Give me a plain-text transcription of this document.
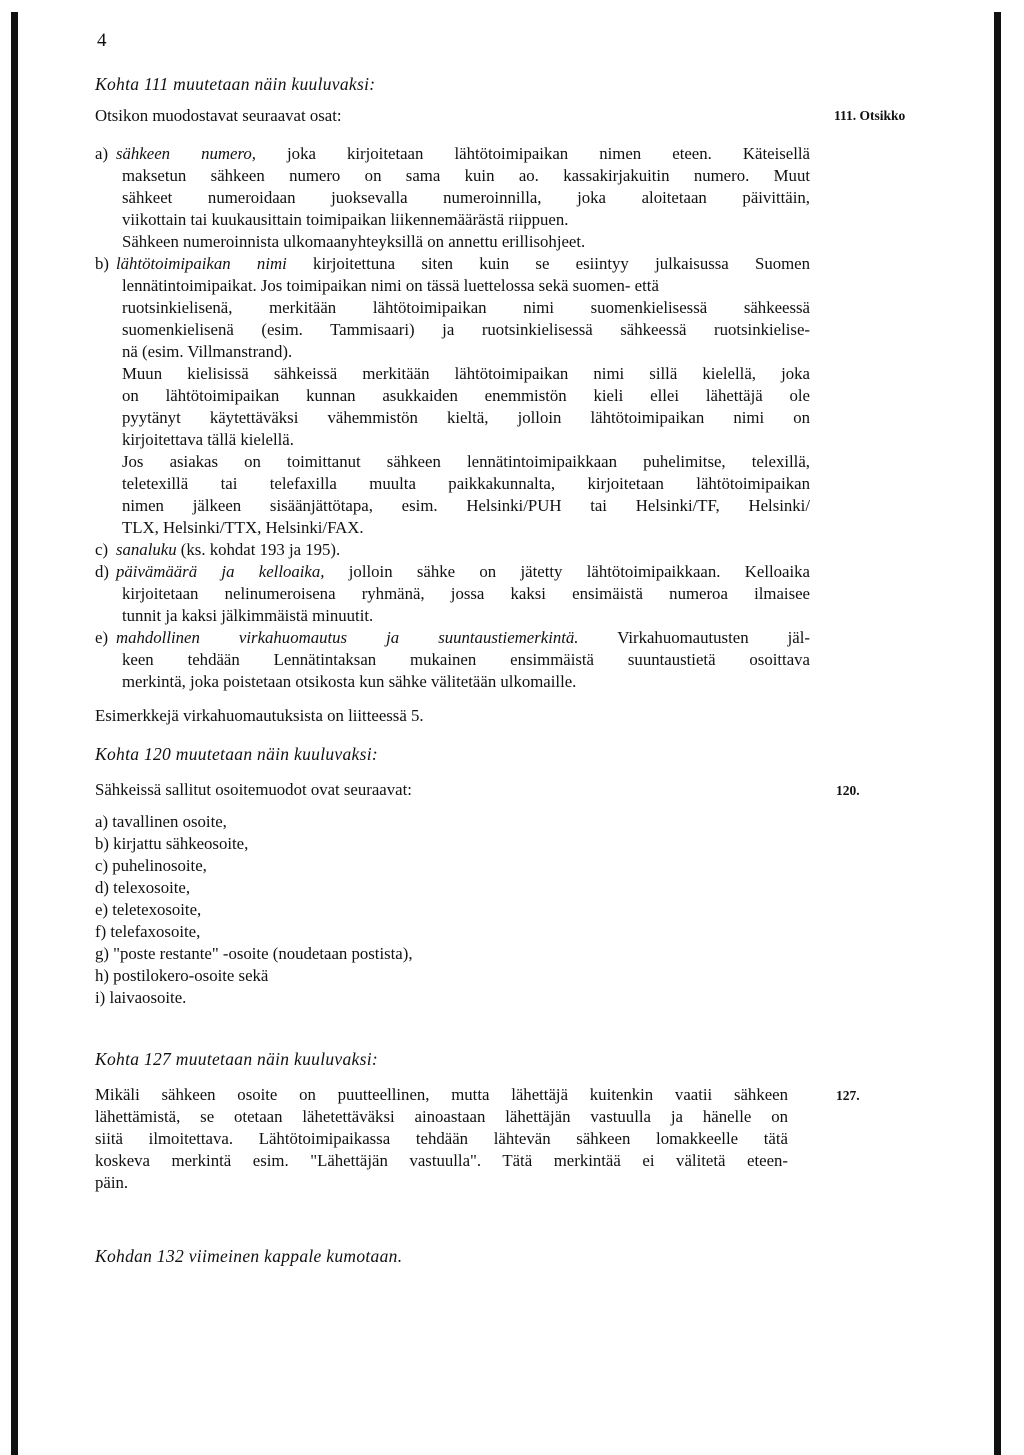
4
Kohta 111 muutetaan näin kuuluvaksi:
111. Otsikko
Otsikon muodostavat seuraavat osat:
a) sähkeen numero, joka kirjoitetaan lähtötoimipaikan nimen eteen. Käteisellä
maksetun sähkeen numero on sama kuin ao. kassakirjakuitin numero. Muut
sähkeet numeroidaan juoksevalla numeroinnilla, joka aloitetaan päivittäin,
viikottain tai kuukausittain toimipaikan liikennemäärästä riippuen.
Sähkeen numeroinnista ulkomaanyhteyksillä on annettu erillisohjeet.
b) lähtötoimipaikan nimi kirjoitettuna siten kuin se esiintyy julkaisussa Suomen
lennätintoimipaikat. Jos toimipaikan nimi on tässä luettelossa sekä suomen- että
ruotsinkielisenä, merkitään lähtötoimipaikan nimi suomenkielisessä sähkeessä
suomenkielisenä (esim. Tammisaari) ja ruotsinkielisessä sähkeessä ruotsinkielise-
nä (esim. Villmanstrand).
Muun kielisissä sähkeissä merkitään lähtötoimipaikan nimi sillä kielellä, joka
on lähtötoimipaikan kunnan asukkaiden enemmistön kieli ellei lähettäjä ole
pyytänyt käytettäväksi vähemmistön kieltä, jolloin lähtötoimipaikan nimi on
kirjoitettava tällä kielellä.
Jos asiakas on toimittanut sähkeen lennätintoimipaikkaan puhelimitse, telexillä,
teletexillä tai telefaxilla muulta paikkakunnalta, kirjoitetaan lähtötoimipaikan
nimen jälkeen sisäänjättötapa, esim. Helsinki/PUH tai Helsinki/TF, Helsinki/
TLX, Helsinki/TTX, Helsinki/FAX.
c) sanaluku (ks. kohdat 193 ja 195).
d) päivämäärä ja kelloaika, jolloin sähke on jätetty lähtötoimipaikkaan. Kelloaika
kirjoitetaan nelinumeroisena ryhmänä, jossa kaksi ensimäistä numeroa ilmaisee
tunnit ja kaksi jälkimmäistä minuutit.
e) mahdollinen virkahuomautus ja suuntaustiemerkintä. Virkahuomautusten jäl-
keen tehdään Lennätintaksan mukainen ensimmäistä suuntaustietä osoittava
merkintä, joka poistetaan otsikosta kun sähke välitetään ulkomaille.
Esimerkkejä virkahuomautuksista on liitteessä 5.
Kohta 120 muutetaan näin kuuluvaksi:
120.
Sähkeissä sallitut osoitemuodot ovat seuraavat:
a) tavallinen osoite,
b) kirjattu sähkeosoite,
c) puhelinosoite,
d) telexosoite,
e) teletexosoite,
f) telefaxosoite,
g) "poste restante" -osoite (noudetaan postista),
h) postilokero-osoite sekä
i) laivaosoite.
Kohta 127 muutetaan näin kuuluvaksi:
127.
Mikäli sähkeen osoite on puutteellinen, mutta lähettäjä kuitenkin vaatii sähkeen
lähettämistä, se otetaan lähetettäväksi ainoastaan lähettäjän vastuulla ja hänelle on
siitä ilmoitettava. Lähtötoimipaikassa tehdään lähtevän sähkeen lomakkeelle tätä
koskeva merkintä esim. "Lähettäjän vastuulla". Tätä merkintää ei välitetä eteen-
päin.
Kohdan 132 viimeinen kappale kumotaan.
